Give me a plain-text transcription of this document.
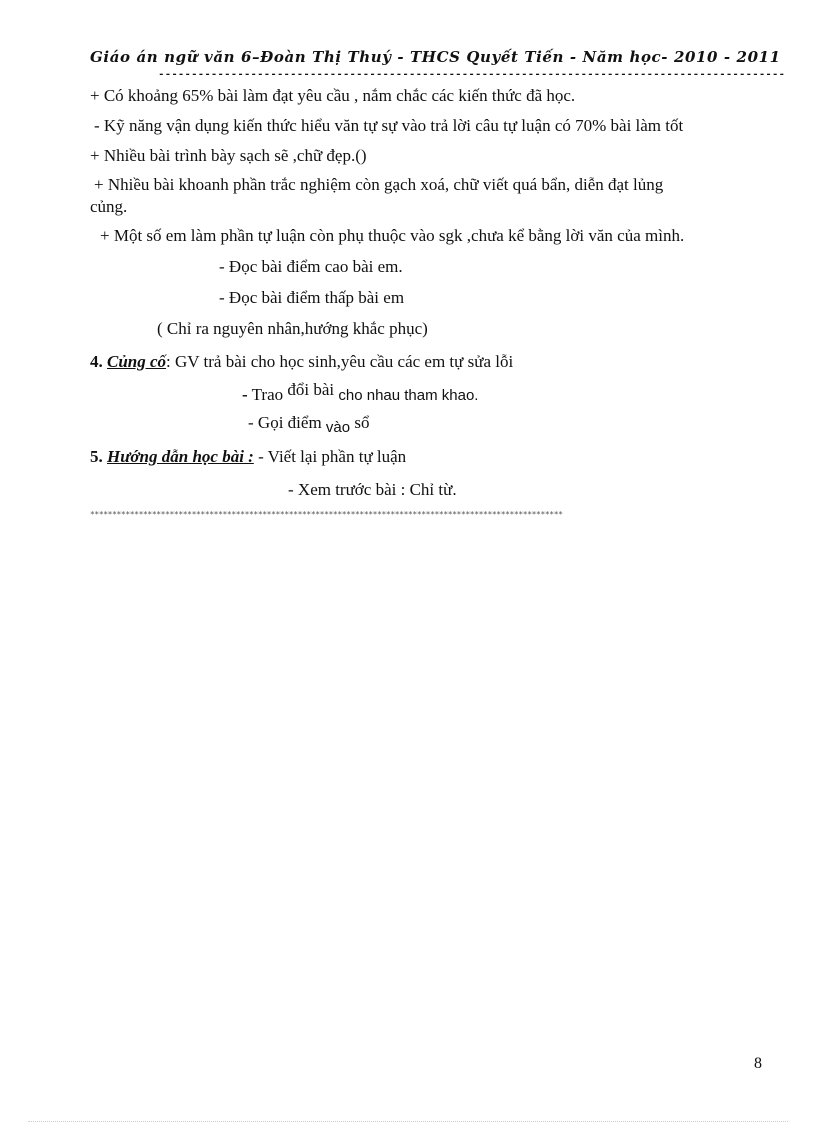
Giáo án ngữ văn 6–Đoàn Thị Thuý - THCS Quyết Tiến - Năm học- 2010 - 2011
-----------------------------------------------------------------------------------------------
+ Có khoảng 65% bài làm đạt yêu cầu , nắm chắc các kiến thức đã học.
- Kỹ năng vận dụng kiến thức hiểu văn tự sự vào trả lời câu tự luận có 70% bài làm tốt
+ Nhiều bài trình bày sạch sẽ ,chữ đẹp.()
+ Nhiều bài khoanh phần trắc nghiệm còn gạch xoá, chữ viết quá bẩn, diễn đạt lủng
củng.
+ Một số em làm phần tự luận còn phụ thuộc vào sgk ,chưa kể bằng lời văn của mình.
- Đọc bài điểm cao bài em.
- Đọc bài điểm thấp bài em
( Chỉ ra nguyên nhân,hướng khắc phục)
4. Củng cố: GV trả bài cho học sinh,yêu cầu các em tự sửa lỗi
- Trao đổi bài cho nhau tham khao.
- Gọi điểm vào sổ
5. Hướng dẫn học bài : - Viết lại phần tự luận
- Xem trước bài : Chỉ từ.
***********************************************************************************************************
8
